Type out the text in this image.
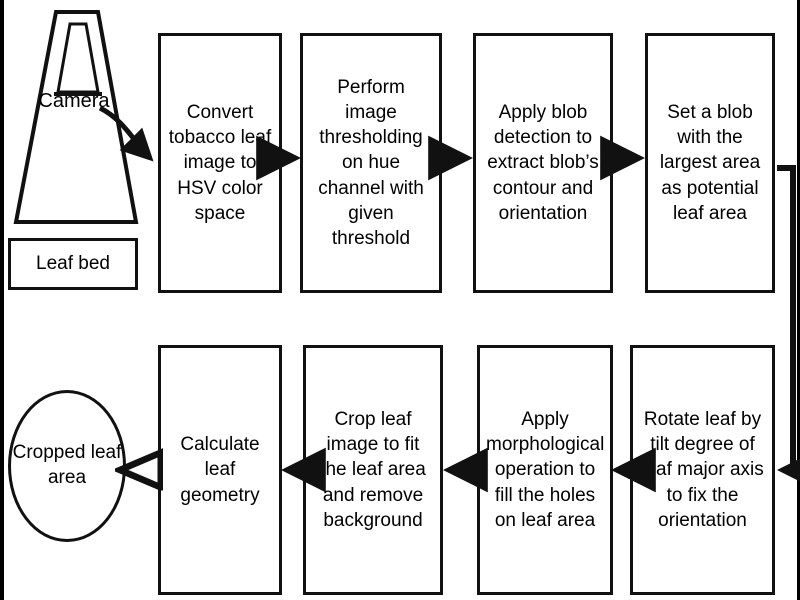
Camera
Leaf bed
Convert tobacco leaf image to HSV color space
Perform image thresholding on hue channel with given threshold
Apply blob detection to extract blob’s contour and orientation
Set a blob with the largest area as potential leaf area
Rotate leaf by tilt degree of leaf major axis to fix the orientation
Apply morphological operation to fill the holes on leaf area
Crop leaf image to fit the leaf area and remove background
Calculate leaf geometry
Cropped leaf area
